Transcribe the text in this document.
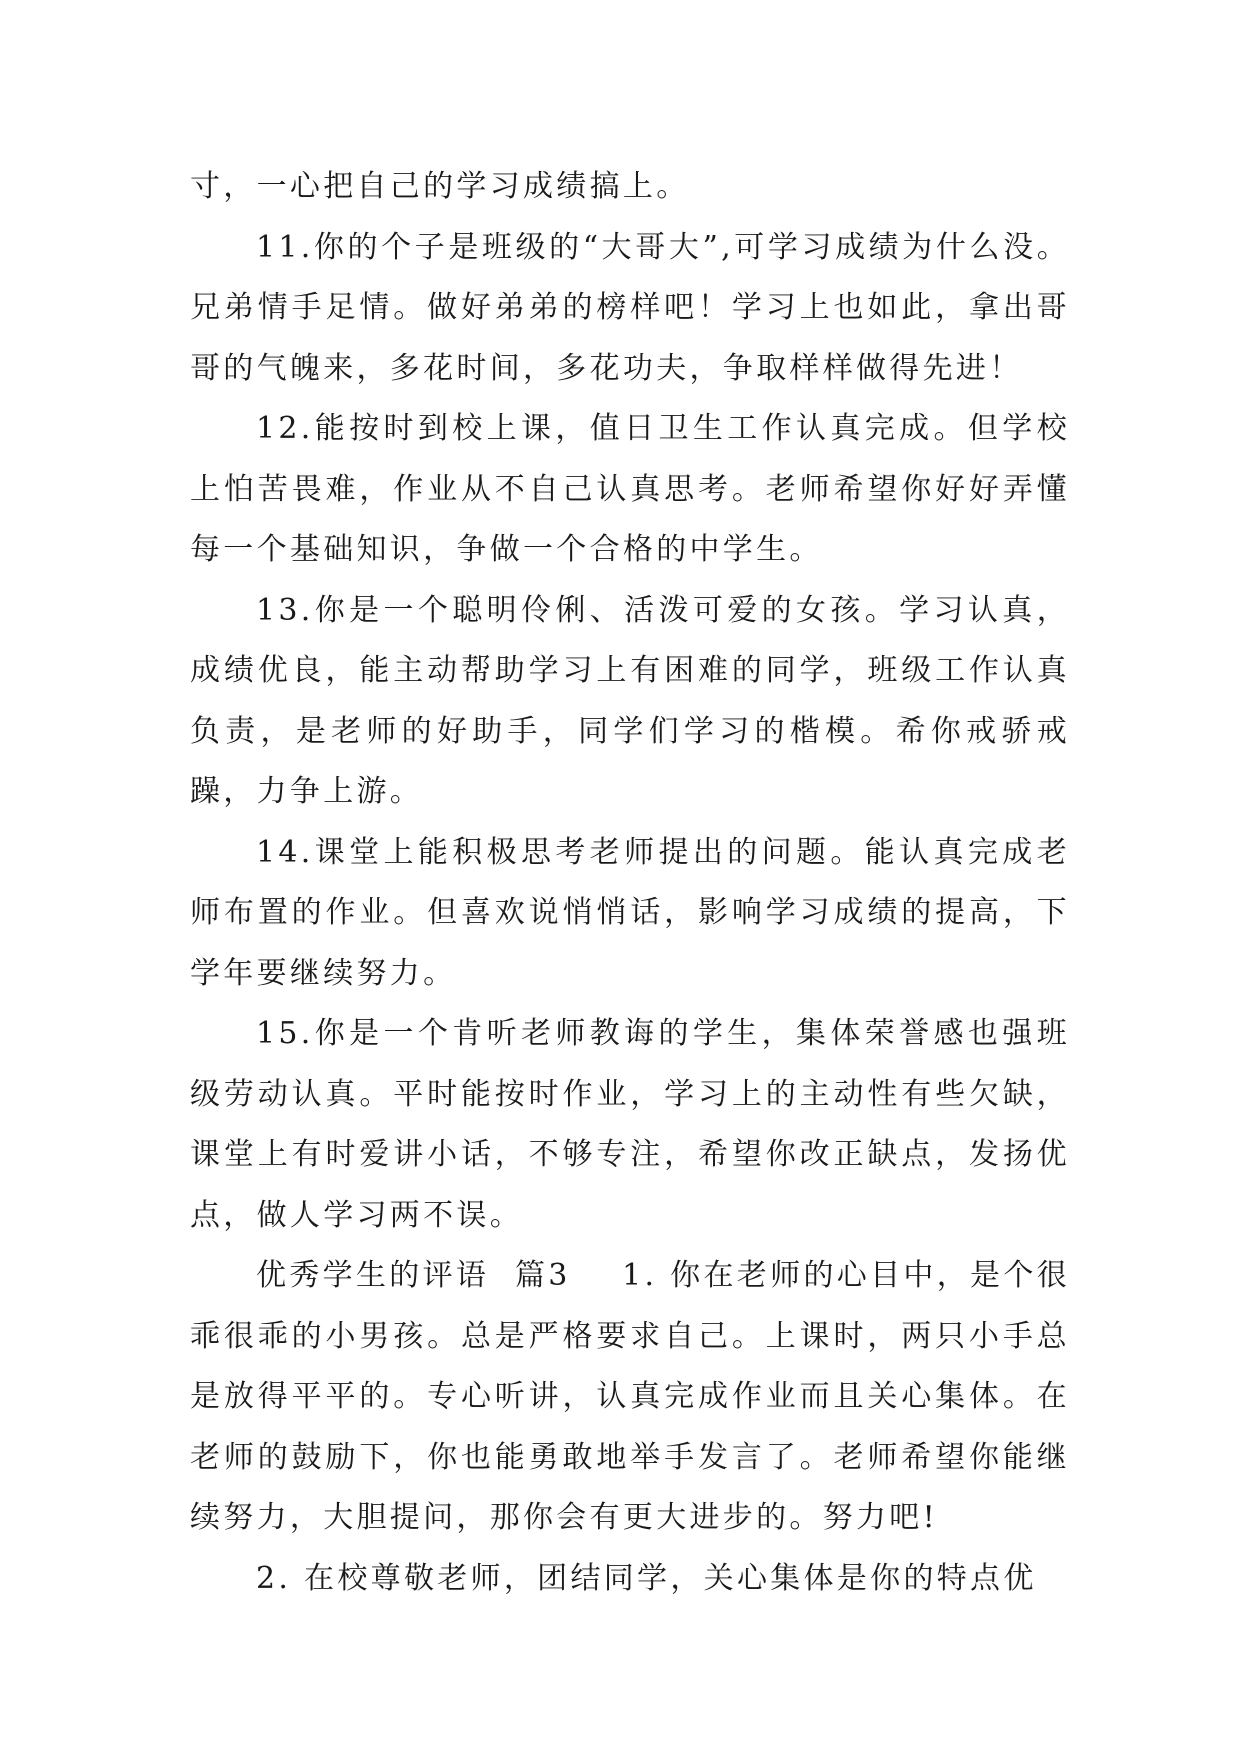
寸，一心把自己的学习成绩搞上。

11.你的个子是班级的“大哥大”,可学习成绩为什么没。兄弟情手足情。做好弟弟的榜样吧！学习上也如此，拿出哥哥的气魄来，多花时间，多花功夫，争取样样做得先进！

12.能按时到校上课，值日卫生工作认真完成。但学校上怕苦畏难，作业从不自己认真思考。老师希望你好好弄懂每一个基础知识，争做一个合格的中学生。

13.你是一个聪明伶俐、活泼可爱的女孩。学习认真，成绩优良，能主动帮助学习上有困难的同学，班级工作认真负责，是老师的好助手，同学们学习的楷模。希你戒骄戒躁，力争上游。

14.课堂上能积极思考老师提出的问题。能认真完成老师布置的作业。但喜欢说悄悄话，影响学习成绩的提高，下学年要继续努力。

15.你是一个肯听老师教诲的学生，集体荣誉感也强班级劳动认真。平时能按时作业，学习上的主动性有些欠缺，课堂上有时爱讲小话，不够专注，希望你改正缺点，发扬优点，做人学习两不误。

优秀学生的评语  篇3    1. 你在老师的心目中，是个很乖很乖的小男孩。总是严格要求自己。上课时，两只小手总是放得平平的。专心听讲，认真完成作业而且关心集体。在老师的鼓励下，你也能勇敢地举手发言了。老师希望你能继续努力，大胆提问，那你会有更大进步的。努力吧!

2. 在校尊敬老师，团结同学，关心集体是你的特点优
